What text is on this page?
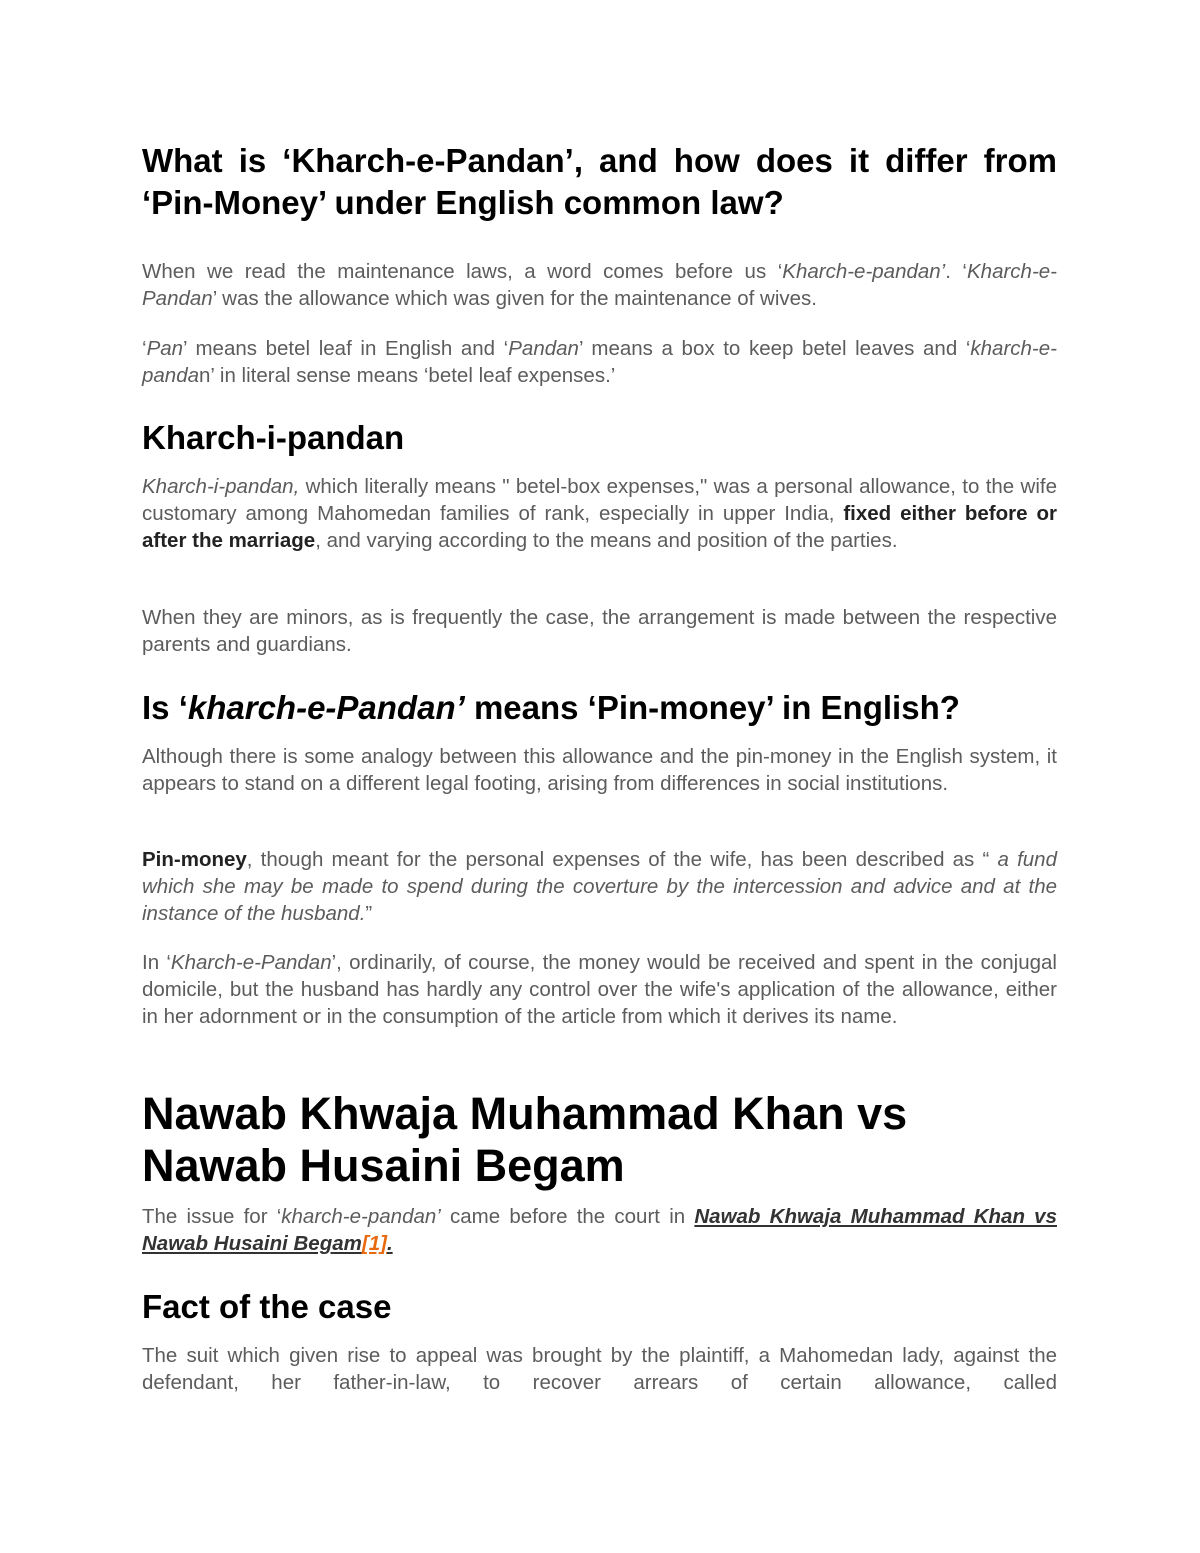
What is ‘Kharch-e-Pandan’, and how does it differ from ‘Pin-Money’ under English common law?

When we read the maintenance laws, a word comes before us ‘Kharch-e-pandan’. ‘Kharch-e- Pandan’ was the allowance which was given for the maintenance of wives.

‘Pan’ means betel leaf in English and ‘Pandan’ means a box to keep betel leaves and ‘kharch-e-pandan’ in literal sense means ‘betel leaf expenses.’

Kharch-i-pandan

Kharch-i-pandan, which literally means " betel-box expenses," was a personal allowance, to the wife customary among Mahomedan families of rank, especially in upper India, fixed either before or after the marriage, and varying according to the means and position of the parties.

When they are minors, as is frequently the case, the arrangement is made between the respective parents and guardians.

Is ‘kharch-e-Pandan’ means ‘Pin-money’ in English?

Although there is some analogy between this allowance and the pin-money in the English system, it appears to stand on a different legal footing, arising from differences in social institutions.

Pin-money, though meant for the personal expenses of the wife, has been described as “ a fund which she may be made to spend during the coverture by the intercession and advice and at the instance of the husband.”

In ‘Kharch-e-Pandan’, ordinarily, of course, the money would be received and spent in the conjugal domicile, but the husband has hardly any control over the wife's application of the allowance, either in her adornment or in the consumption of the article from which it derives its name.

Nawab Khwaja Muhammad Khan vs Nawab Husaini Begam

The issue for ‘kharch-e-pandan’ came before the court in Nawab Khwaja Muhammad Khan vs Nawab Husaini Begam[1].

Fact of the case

The suit which given rise to appeal was brought by the plaintiff, a Mahomedan lady, against the defendant, her father-in-law, to recover arrears of certain allowance, called
